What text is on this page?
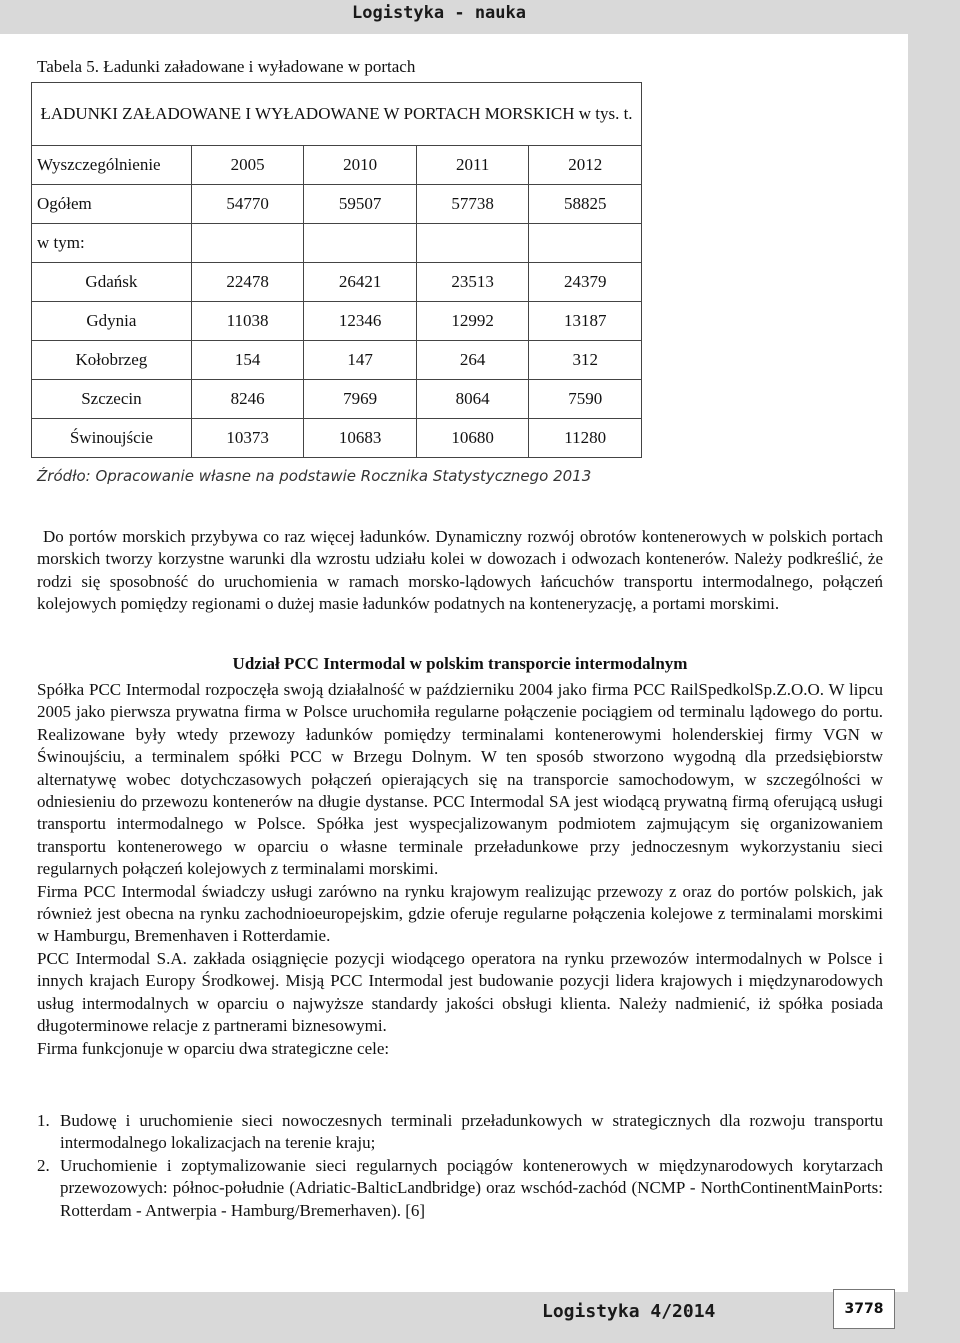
Logistyka - nauka
Tabela 5. Ładunki załadowane i wyładowane w portach
ŁADUNKI ZAŁADOWANE I WYŁADOWANE W PORTACH MORSKICH w tys. t.				
Wyszczególnienie	2005	2010	2011	2012
Ogółem	54770	59507	57738	58825
w tym:				
Gdańsk	22478	26421	23513	24379
Gdynia	11038	12346	12992	13187
Kołobrzeg	154	147	264	312
Szczecin	8246	7969	8064	7590
Świnoujście	10373	10683	10680	11280
Źródło: Opracowanie własne na podstawie Rocznika Statystycznego 2013
Do portów morskich przybywa co raz więcej ładunków. Dynamiczny rozwój obrotów kontenerowych w polskich portach morskich tworzy korzystne warunki dla wzrostu udziału kolei w dowozach i odwozach kontenerów. Należy podkreślić, że rodzi się sposobność do uruchomienia w ramach morsko-lądowych łańcuchów transportu intermodalnego, połączeń kolejowych pomiędzy regionami o dużej masie ładunków podatnych na konteneryzację, a portami morskimi.
Udział PCC Intermodal w polskim transporcie intermodalnym

Spółka PCC Intermodal rozpoczęła swoją działalność w październiku 2004 jako firma PCC RailSpedkolSp.Z.O.O. W lipcu 2005 jako pierwsza prywatna firma w Polsce uruchomiła regularne połączenie pociągiem od terminalu lądowego do portu. Realizowane były wtedy przewozy ładunków pomiędzy terminalami kontenerowymi holenderskiej firmy VGN w Świnoujściu, a terminalem spółki PCC w Brzegu Dolnym. W ten sposób stworzono wygodną dla przedsiębiorstw alternatywę wobec dotychczasowych połączeń opierających się na transporcie samochodowym, w szczególności w odniesieniu do przewozu kontenerów na długie dystanse. PCC Intermodal SA jest wiodącą prywatną firmą oferującą usługi transportu intermodalnego w Polsce. Spółka jest wyspecjalizowanym podmiotem zajmującym się organizowaniem transportu kontenerowego w oparciu o własne terminale przeładunkowe przy jednoczesnym wykorzystaniu sieci regularnych połączeń kolejowych z terminalami morskimi.

Firma PCC Intermodal świadczy usługi zarówno na rynku krajowym realizując przewozy z oraz do portów polskich, jak również jest obecna na rynku zachodnioeuropejskim, gdzie oferuje regularne połączenia kolejowe z terminalami morskimi w Hamburgu, Bremenhaven i Rotterdamie.

PCC Intermodal S.A. zakłada osiągnięcie pozycji wiodącego operatora na rynku przewozów intermodalnych w Polsce i innych krajach Europy Środkowej. Misją PCC Intermodal jest budowanie pozycji lidera krajowych i międzynarodowych usług intermodalnych w oparciu o najwyższe standardy jakości obsługi klienta. Należy nadmienić, iż spółka posiada długoterminowe relacje z partnerami biznesowymi.

Firma funkcjonuje w oparciu dwa strategiczne cele:

1. Budowę i uruchomienie sieci nowoczesnych terminali przeładunkowych w strategicznych dla rozwoju transportu intermodalnego lokalizacjach na terenie kraju;
2. Uruchomienie i zoptymalizowanie sieci regularnych pociągów kontenerowych w międzynarodowych korytarzach przewozowych: północ-południe (Adriatic-BalticLandbridge) oraz wschód-zachód (NCMP - NorthContinentMainPorts: Rotterdam - Antwerpia - Hamburg/Bremerhaven). [6]
Logistyka 4/2014	3778
